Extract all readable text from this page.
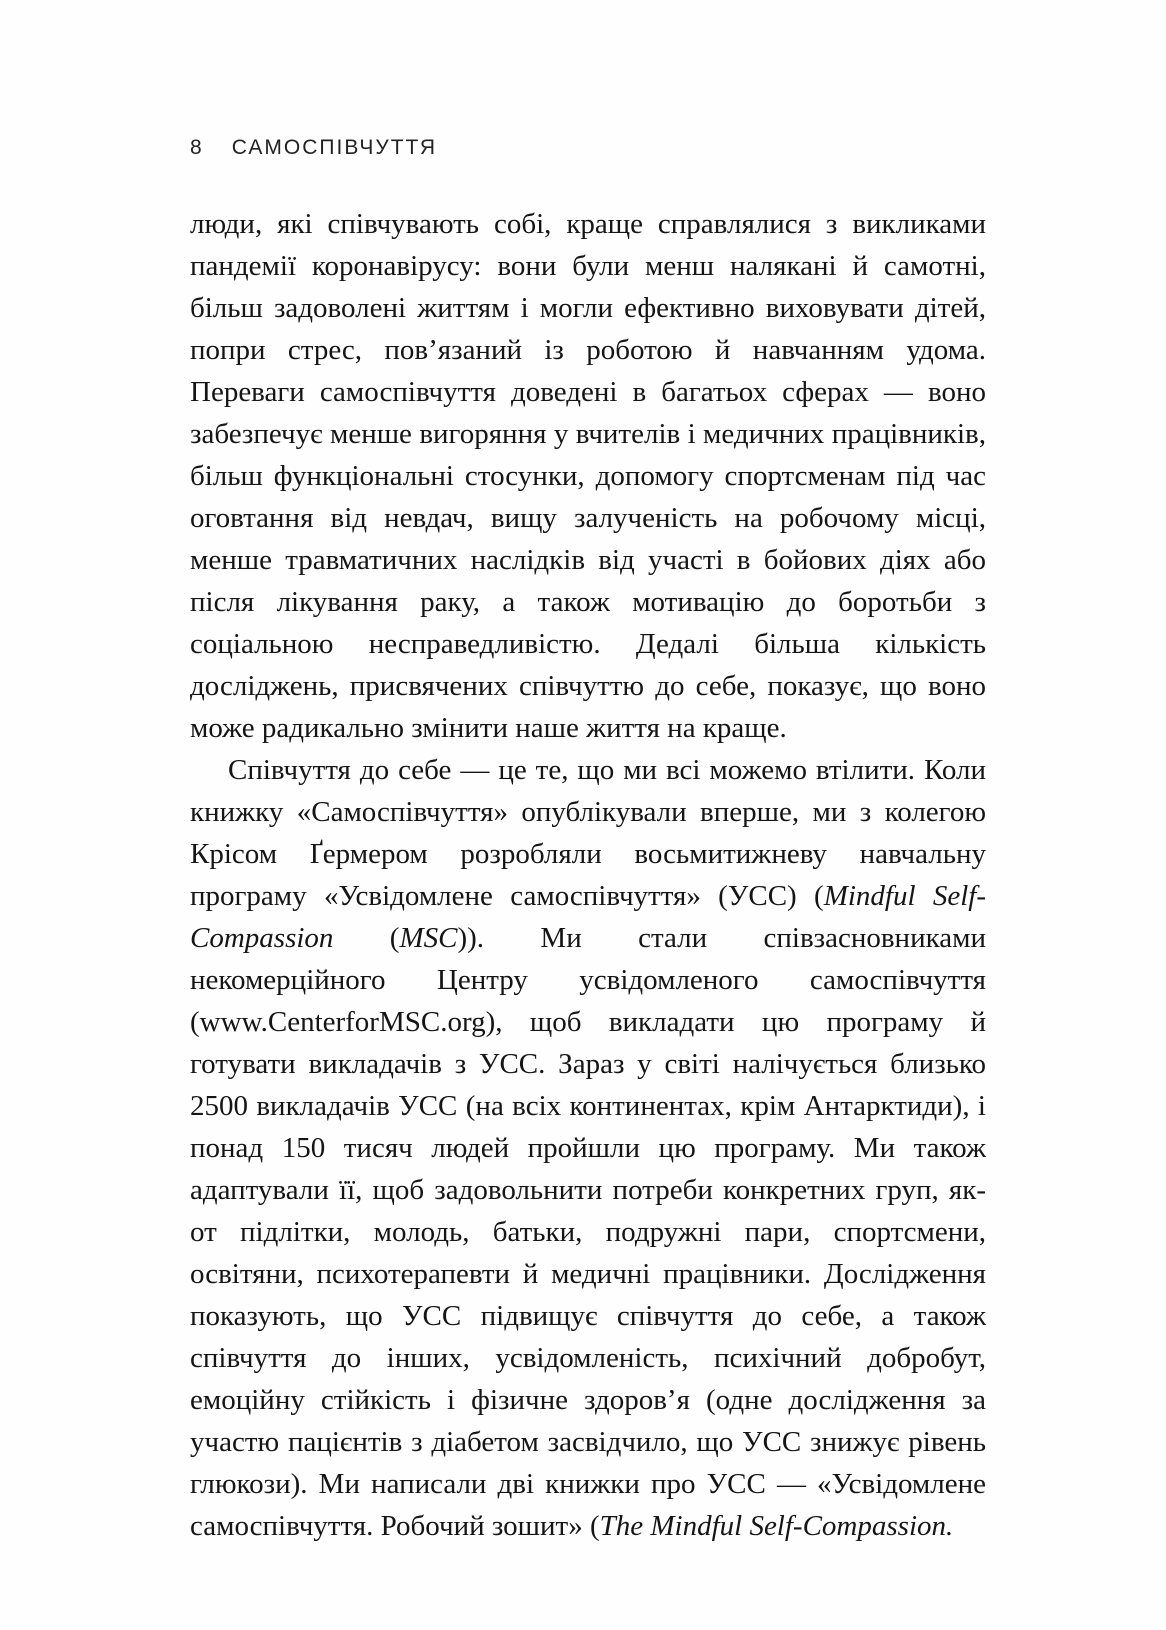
8 САМОСПІВЧУТТЯ

люди, які співчувають собі, краще справлялися з викликами пандемії коронавірусу: вони були менш налякані й самотні, більш задоволені життям і могли ефективно виховувати дітей, попри стрес, пов’язаний із роботою й навчанням удома. Переваги самоспівчуття доведені в багатьох сферах — воно забезпечує менше вигоряння у вчителів і медичних працівників, більш функціональні стосунки, допомогу спортсменам під час оговтання від невдач, вищу залученість на робочому місці, менше травматичних наслідків від участі в бойових діях або після лікування раку, а також мотивацію до боротьби з соціальною несправедливістю. Дедалі більша кількість досліджень, присвячених співчуттю до себе, показує, що воно може радикально змінити наше життя на краще.

Співчуття до себе — це те, що ми всі можемо втілити. Коли книжку «Самоспівчуття» опублікували вперше, ми з колегою Крісом Ґермером розробляли восьмитижневу навчальну програму «Усвідомлене самоспівчуття» (УСС) (Mindful Self-Compassion (MSC)). Ми стали співзасновниками некомерційного Центру усвідомленого самоспівчуття (www.CenterforMSC.org), щоб викладати цю програму й готувати викладачів з УСС. Зараз у світі налічується близько 2500 викладачів УСС (на всіх континентах, крім Антарктиди), і понад 150 тисяч людей пройшли цю програму. Ми також адаптували її, щоб задовольнити потреби конкретних груп, як-от підлітки, молодь, батьки, подружні пари, спортсмени, освітяни, психотерапевти й медичні працівники. Дослідження показують, що УСС підвищує співчуття до себе, а також співчуття до інших, усвідомленість, психічний добробут, емоційну стійкість і фізичне здоров’я (одне дослідження за участю пацієнтів з діабетом засвідчило, що УСС знижує рівень глюкози). Ми написали дві книжки про УСС — «Усвідомлене самоспівчуття. Робочий зошит» (The Mindful Self-Compassion.
